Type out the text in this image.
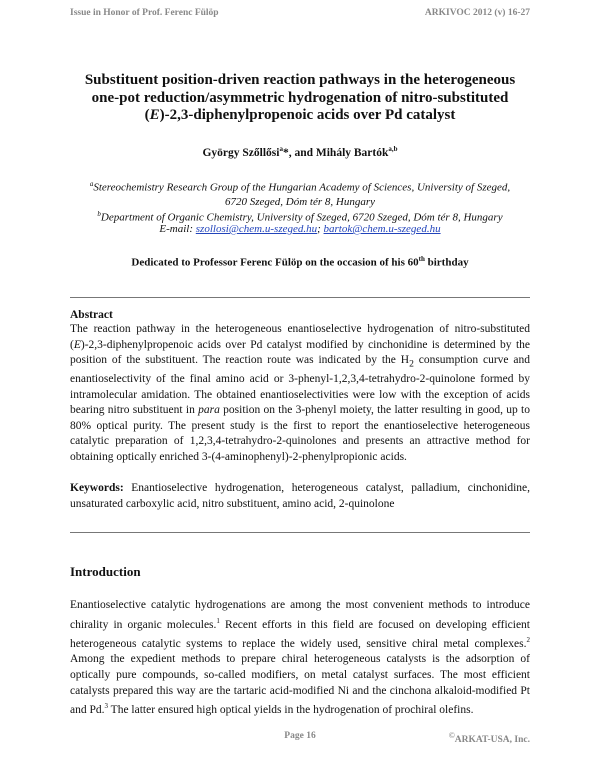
Issue in Honor of Prof. Ferenc Fülöp	ARKIVOC 2012 (v) 16-27
Substituent position-driven reaction pathways in the heterogeneous
one-pot reduction/asymmetric hydrogenation of nitro-substituted
(E)-2,3-diphenylpropenoic acids over Pd catalyst
György Szőllősi$^a$*, and Mihály Bartók$^{a,b}$
$^a$Stereochemistry Research Group of the Hungarian Academy of Sciences, University of Szeged,
6720 Szeged, Dóm tér 8, Hungary
$^b$Department of Organic Chemistry, University of Szeged, 6720 Szeged, Dóm tér 8, Hungary
E-mail: szollosi@chem.u-szeged.hu; bartok@chem.u-szeged.hu
Dedicated to Professor Ferenc Fülöp on the occasion of his 60th birthday
Abstract
The reaction pathway in the heterogeneous enantioselective hydrogenation of nitro-substituted (E)-2,3-diphenylpropenoic acids over Pd catalyst modified by cinchonidine is determined by the position of the substituent. The reaction route was indicated by the $H_2$ consumption curve and enantioselectivity of the final amino acid or 3-phenyl-1,2,3,4-tetrahydro-2-quinolone formed by intramolecular amidation. The obtained enantioselectivities were low with the exception of acids bearing nitro substituent in para position on the 3-phenyl moiety, the latter resulting in good, up to 80% optical purity. The present study is the first to report the enantioselective heterogeneous catalytic preparation of 1,2,3,4-tetrahydro-2-quinolones and presents an attractive method for obtaining optically enriched 3-(4-aminophenyl)-2-phenylpropionic acids.
Keywords: Enantioselective hydrogenation, heterogeneous catalyst, palladium, cinchonidine, unsaturated carboxylic acid, nitro substituent, amino acid, 2-quinolone
Introduction
Enantioselective catalytic hydrogenations are among the most convenient methods to introduce chirality in organic molecules.$^1$ Recent efforts in this field are focused on developing efficient heterogeneous catalytic systems to replace the widely used, sensitive chiral metal complexes.$^2$ Among the expedient methods to prepare chiral heterogeneous catalysts is the adsorption of optically pure compounds, so-called modifiers, on metal catalyst surfaces. The most efficient catalysts prepared this way are the tartaric acid-modified Ni and the cinchona alkaloid-modified Pt and Pd.$^3$ The latter ensured high optical yields in the hydrogenation of prochiral olefins.
Page 16	©ARKAT-USA, Inc.
